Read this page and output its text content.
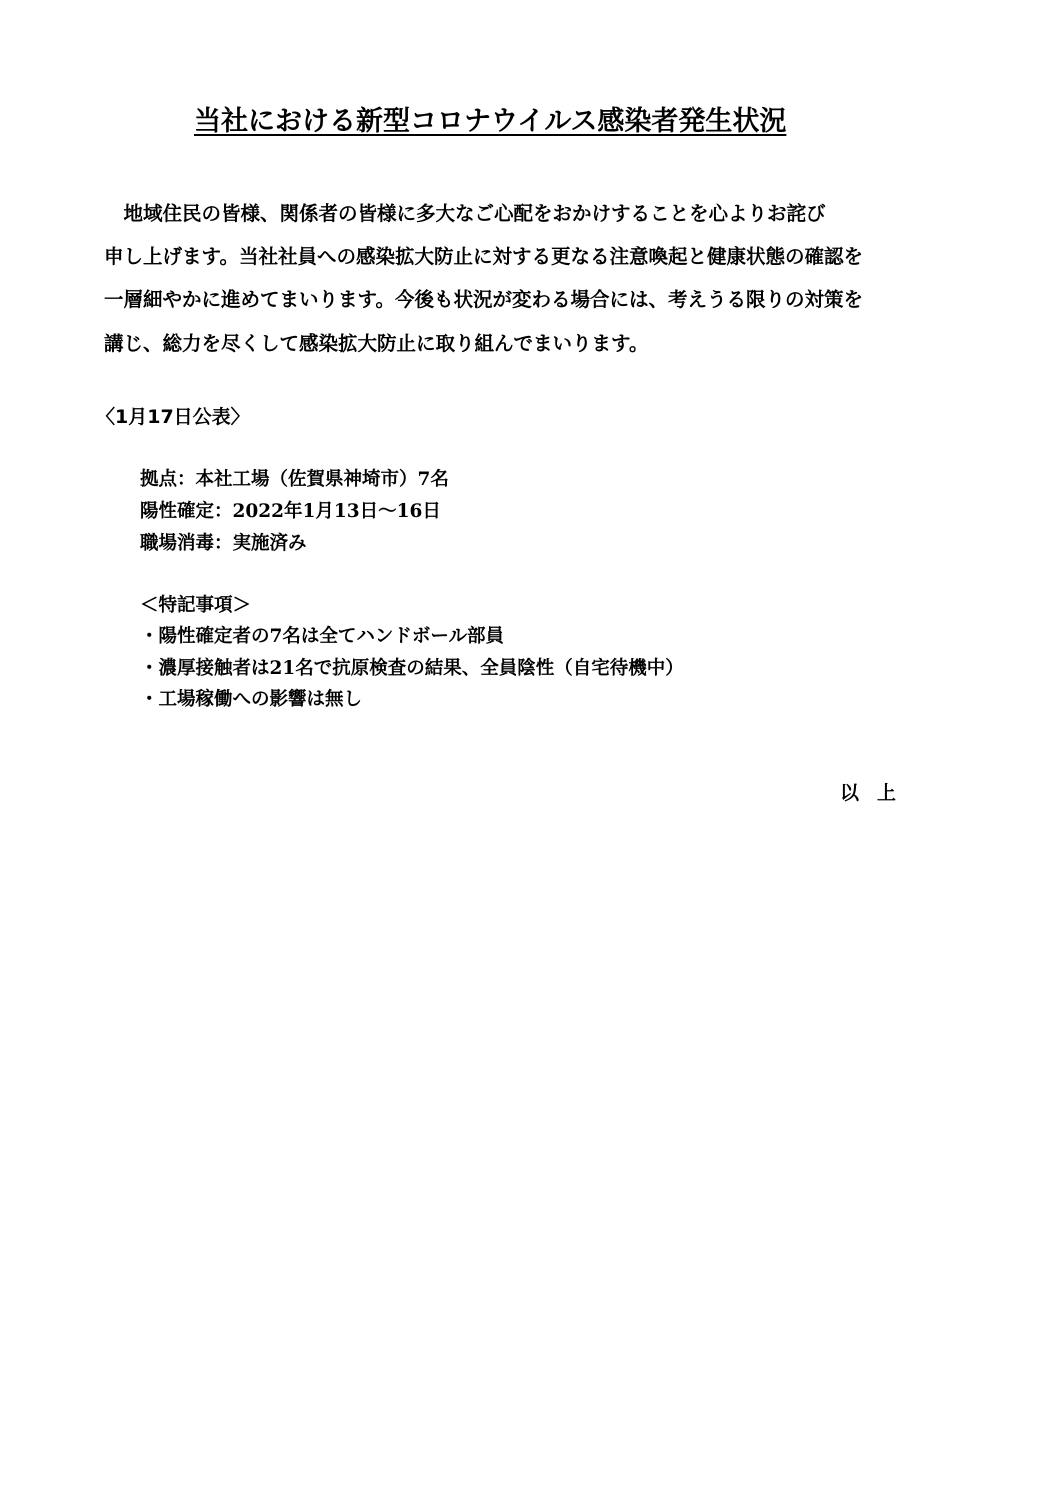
当社における新型コロナウイルス感染者発生状況

　地域住民の皆様、関係者の皆様に多大なご心配をおかけすることを心よりお詫び

申し上げます。当社社員への感染拡大防止に対する更なる注意喚起と健康状態の確認を

一層細やかに進めてまいります。今後も状況が変わる場合には、考えうる限りの対策を

講じ、総力を尽くして感染拡大防止に取り組んでまいります。

〈1月17日公表〉
拠点：本社工場（佐賀県神埼市）7名
陽性確定：2022年1月13日～16日
職場消毒：実施済み
＜特記事項＞
・陽性確定者の7名は全てハンドボール部員
・濃厚接触者は21名で抗原検査の結果、全員陰性（自宅待機中）
・工場稼働への影響は無し
以上
